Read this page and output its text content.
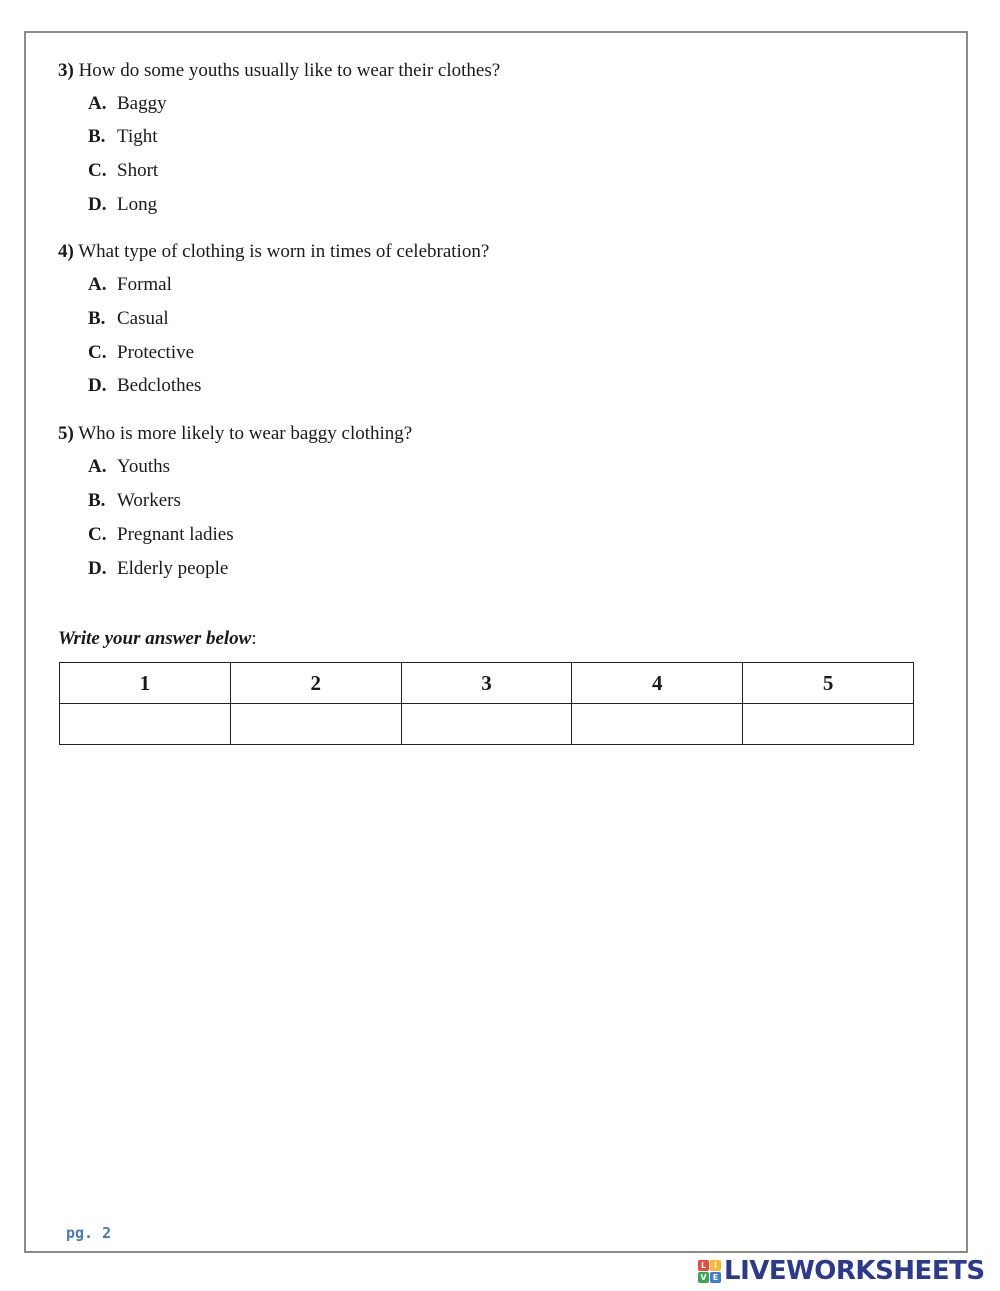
3) How do some youths usually like to wear their clothes?
A. Baggy
B. Tight
C. Short
D. Long
4) What type of clothing is worn in times of celebration?
A. Formal
B. Casual
C. Protective
D. Bedclothes
5) Who is more likely to wear baggy clothing?
A. Youths
B. Workers
C. Pregnant ladies
D. Elderly people
Write your answer below:
1	2	3	4	5

pg. 2
L I
V E LIVEWORKSHEETS
